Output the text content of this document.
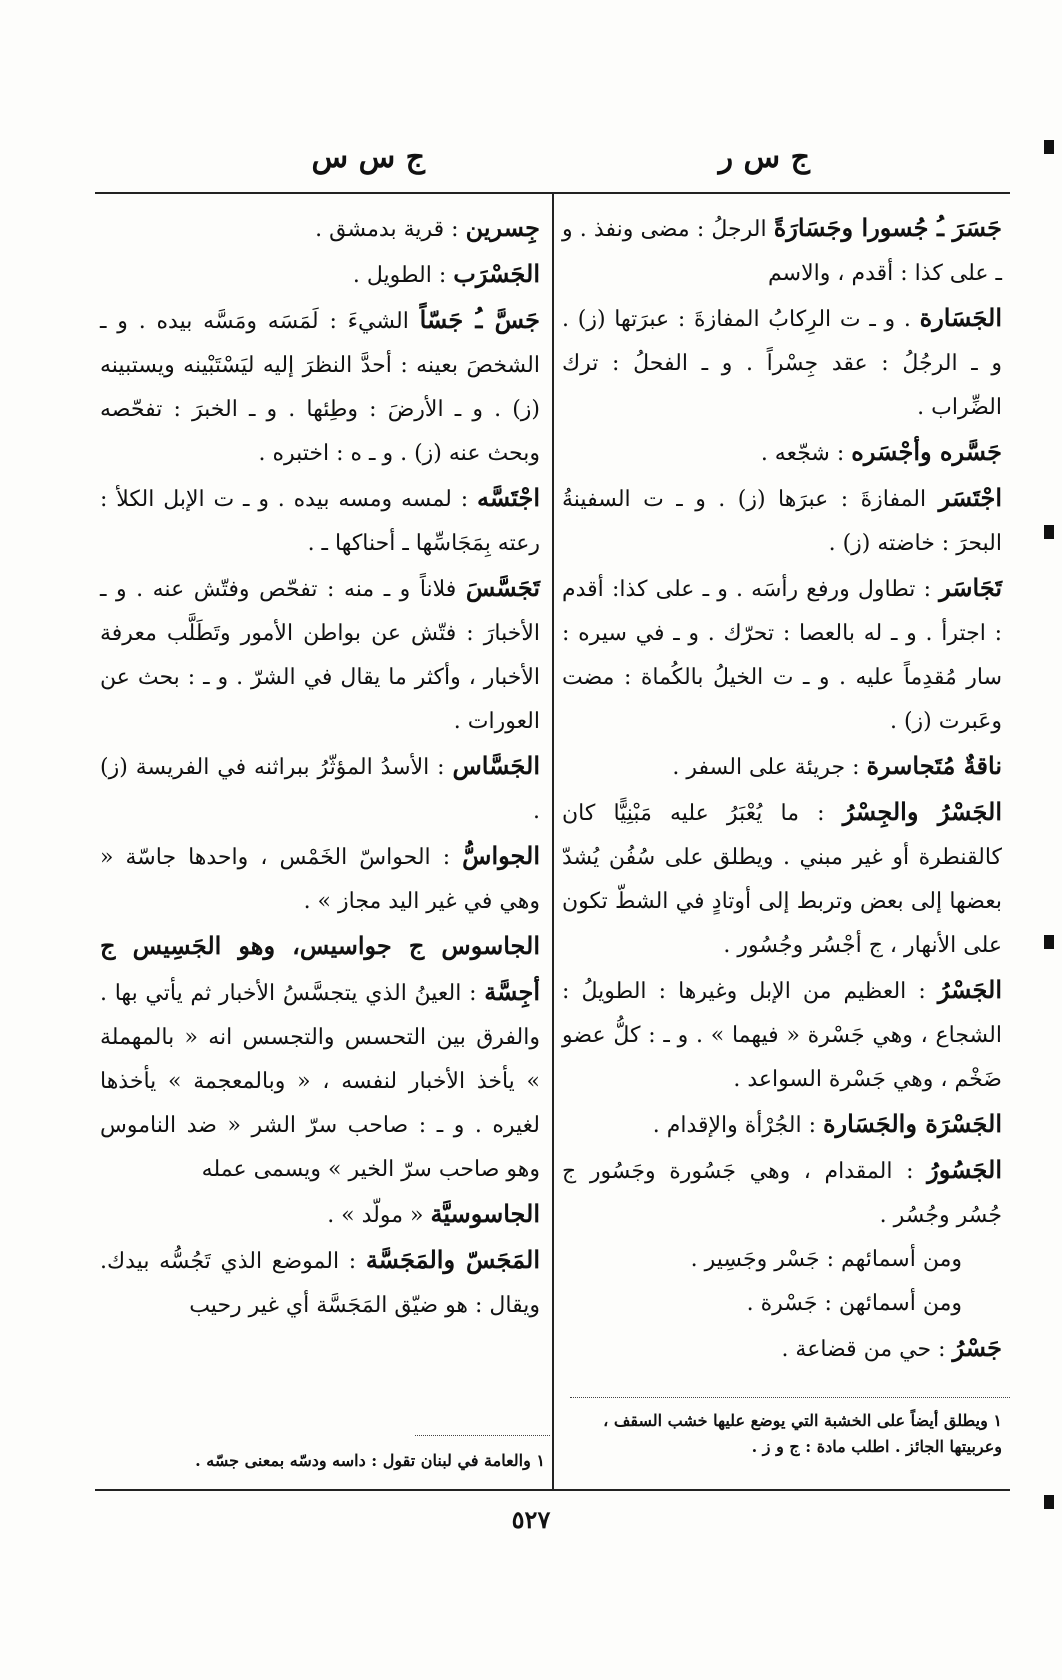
ج س ر
ج س س

جَسَرَ ـُ جُسورا وجَسَارَةً الرجلُ : مضى ونفذ . و ـ على كذا : أقدم ، والاسم

الجَسَارة . و ـ ت الرِكابُ المفازةَ : عبرَتها (ز) . و ـ الرجُلُ : عقد جِسْراً . و ـ الفحلُ : ترك الضِّراب .

جَسَّره وأجْسَره : شجّعه .

اجْتَسَر المفازةَ : عبرَها (ز) . و ـ ت السفينةُ البحرَ : خاضته (ز) .

تَجَاسَر : تطاول ورفع رأسَه . و ـ على كذا: أقدم : اجترأ . و ـ له بالعصا : تحرّك . و ـ في سيره : سار مُقدِماً عليه . و ـ ت الخيلُ بالكُماة : مضت وعَبرت (ز) .

ناقةٌ مُتَجاسرة : جريئة على السفر .

الجَسْرُ والجِسْرُ : ما يُعْبَرُ عليه مَبْنِيًّا كان كالقنطرة أو غير مبني . ويطلق على سُفُن يُشدّ بعضها إلى بعض وتربط إلى أوتادٍ في الشطّ تكون على الأنهار ، ج أجْسُر وجُسُور .

الجَسْرُ : العظيم من الإبل وغيرها : الطويلُ : الشجاع ، وهي جَسْرة « فيهما » . و ـ : كلُّ عضو ضَخْم ، وهي جَسْرة السواعد .

الجَسْرَة والجَسَارة : الجُرْأة والإقدام .

الجَسُورُ : المقدام ، وهي جَسُورة وجَسُور ج جُسُر وجُسُر .

ومن أسمائهم : جَسْر وجَسِير .

ومن أسمائهن : جَسْرة .

جَسْرُ : حي من قضاعة .

جِسرين : قرية بدمشق .

الجَسْرَب : الطويل .

جَسَّ ـُ جَسّاً الشيءَ : لَمَسَه ومَسَّه بيده . و ـ الشخصَ بعينه : أحدَّ النظرَ إليه ليَسْتَبْينه ويستبينه (ز) . و ـ الأرضَ : وطِئها . و ـ الخبرَ : تفحّصه وبحث عنه (ز) . و ـ ه : اختبره .

اجْتَسَّه : لمسه ومسه بيده . و ـ ت الإبل الكلأ : رعته بِمَجَاسِّها ـ أحناكها ـ .

تَجَسَّسَ فلاناً و ـ منه : تفحّص وفتّش عنه . و ـ الأخبارَ : فتّش عن بواطن الأمور وتَطَلَّب معرفة الأخبار ، وأكثر ما يقال في الشرّ . و ـ : بحث عن العورات .

الجَسَّاس : الأسدُ المؤثّرُ ببراثنه في الفريسة (ز) .

الجواسُّ : الحواسّ الخَمْس ، واحدها جاسّة « وهي في غير اليد مجاز » .

الجاسوس ج جواسيس، وهو الجَسِيس ج أجِسَّة : العينُ الذي يتجسَّسُ الأخبار ثم يأتي بها . والفرق بين التحسس والتجسس انه « بالمهملة » يأخذ الأخبار لنفسه ، « وبالمعجمة » يأخذها لغيره . و ـ : صاحب سرّ الشر « ضد الناموس وهو صاحب سرّ الخير » ويسمى عمله

الجاسوسيَّة « مولّد » .

المَجَسّ والمَجَسَّة : الموضع الذي تَجُسُّه بيدك. ويقال : هو ضيّق المَجَسَّة أي غير رحيب

١ ويطلق أيضاً على الخشبة التي يوضع عليها خشب السقف ، وعربيتها الجائز . اطلب مادة : ج و ز .
١ والعامة في لبنان تقول : داسه ودسّه بمعنى جسّه .
٥٢٧
